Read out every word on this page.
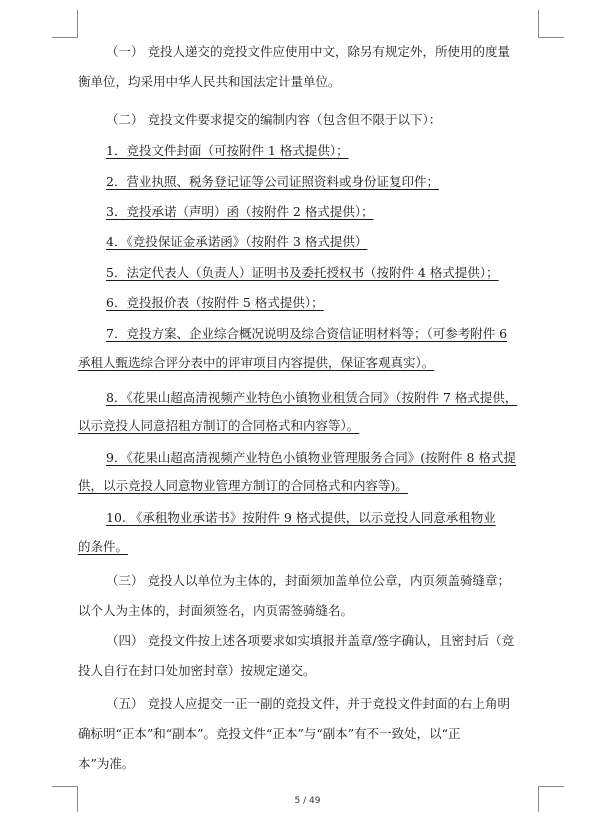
（一） 竞投人递交的竞投文件应使用中文，除另有规定外，所使用的度量
衡单位，均采用中华人民共和国法定计量单位。
（二） 竞投文件要求提交的编制内容（包含但不限于以下）：
1．竞投文件封面（可按附件 1 格式提供）；
2．营业执照、税务登记证等公司证照资料或身份证复印件；
3．竞投承诺（声明）函（按附件 2 格式提供）；
4．《竞投保证金承诺函》（按附件 3 格式提供）
5．法定代表人（负责人）证明书及委托授权书（按附件 4 格式提供）；
6．竞投报价表（按附件 5 格式提供）；
7．竞投方案、企业综合概况说明及综合资信证明材料等；（可参考附件 6
承租人甄选综合评分表中的评审项目内容提供，保证客观真实）。
8．《花果山超高清视频产业特色小镇物业租赁合同》（按附件 7 格式提供，
以示竞投人同意招租方制订的合同格式和内容等）。
9．《花果山超高清视频产业特色小镇物业管理服务合同》(按附件 8 格式提
供，以示竞投人同意物业管理方制订的合同格式和内容等)。
10. 《承租物业承诺书》按附件 9 格式提供，以示竞投人同意承租物业
的条件。
（三） 竞投人以单位为主体的，封面须加盖单位公章，内页须盖骑缝章；
以个人为主体的，封面须签名，内页需签骑缝名。
（四） 竞投文件按上述各项要求如实填报并盖章/签字确认，且密封后（竞
投人自行在封口处加密封章）按规定递交。
（五） 竞投人应提交一正一副的竞投文件，并于竞投文件封面的右上角明
确标明“正本”和“副本”。竞投文件“正本”与“副本”有不一致处，以“正
本”为准。
5 / 49
